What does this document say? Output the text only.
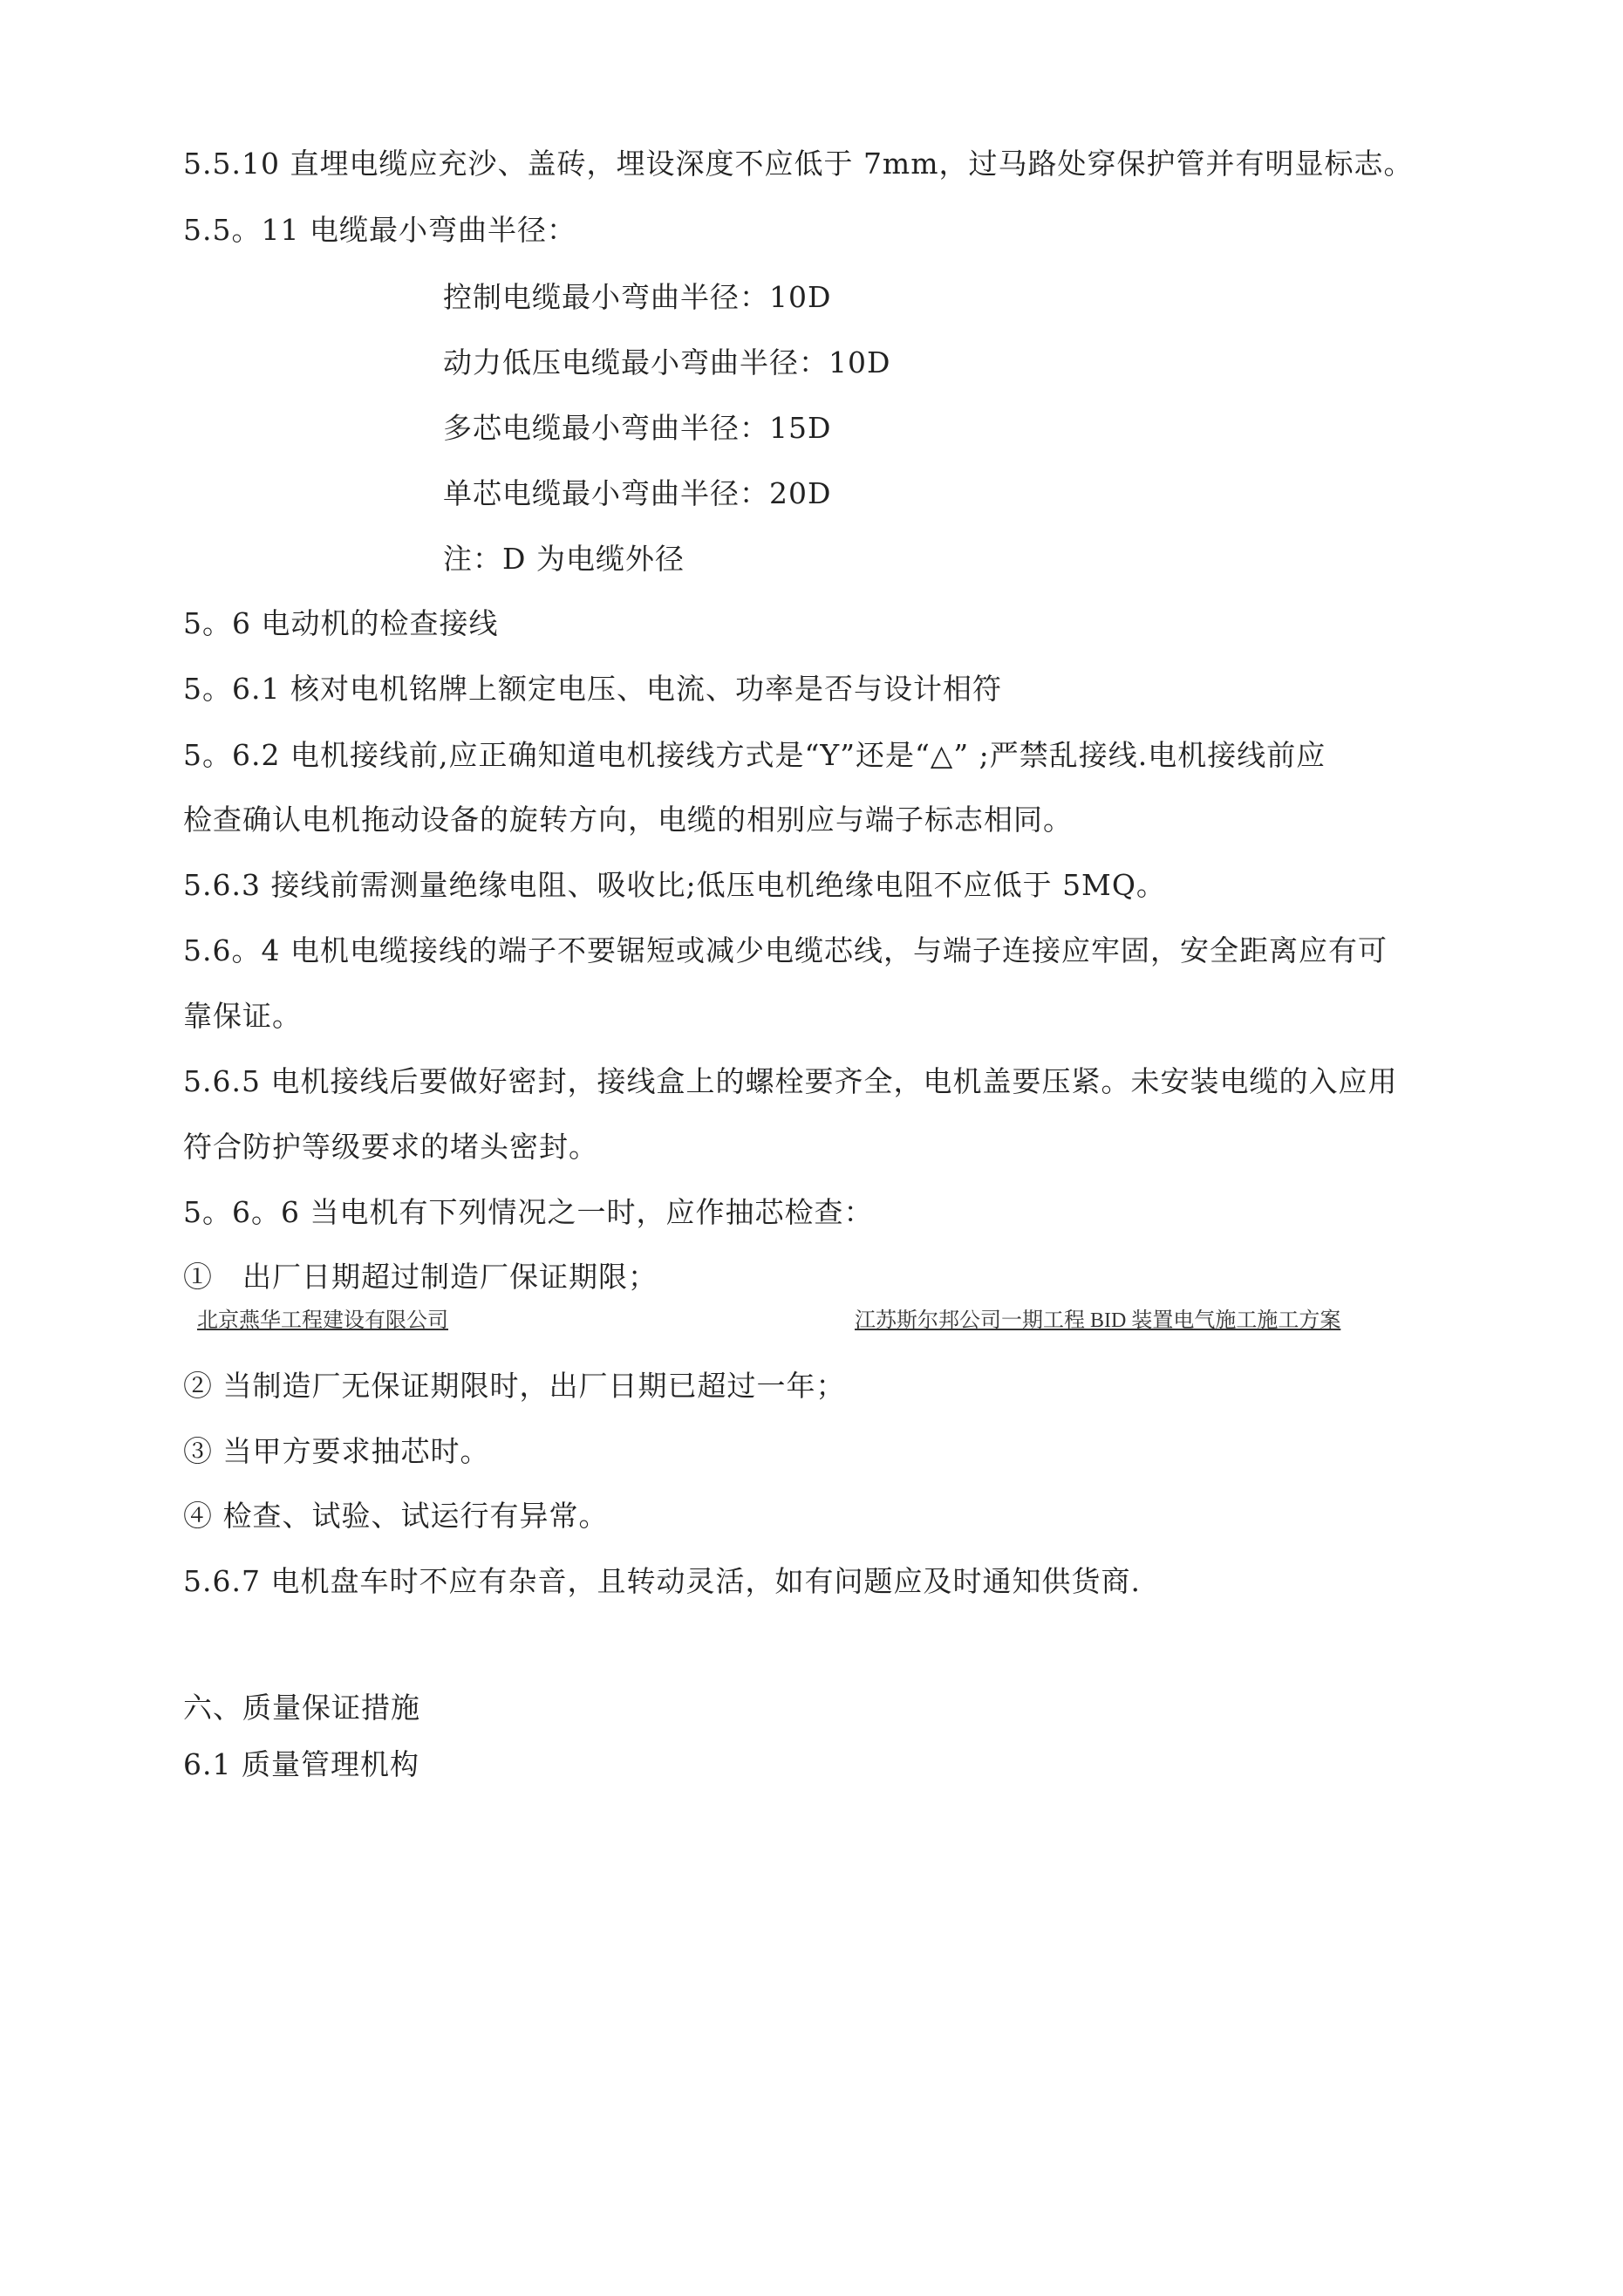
5.5.10 直埋电缆应充沙、盖砖，埋设深度不应低于 7mm，过马路处穿保护管并有明显标志。
5.5。11 电缆最小弯曲半径：
控制电缆最小弯曲半径：10D
动力低压电缆最小弯曲半径：10D
多芯电缆最小弯曲半径：15D
单芯电缆最小弯曲半径：20D
注：D 为电缆外径
5。6 电动机的检查接线
5。6.1 核对电机铭牌上额定电压、电流、功率是否与设计相符
5。6.2 电机接线前,应正确知道电机接线方式是“Y”还是“△” ;严禁乱接线.电机接线前应
检查确认电机拖动设备的旋转方向，电缆的相别应与端子标志相同。
5.6.3 接线前需测量绝缘电阻、吸收比;低压电机绝缘电阻不应低于 5MQ。
5.6。4 电机电缆接线的端子不要锯短或减少电缆芯线，与端子连接应牢固，安全距离应有可
靠保证。
5.6.5 电机接线后要做好密封，接线盒上的螺栓要齐全，电机盖要压紧。未安装电缆的入应用
符合防护等级要求的堵头密封。
5。6。6 当电机有下列情况之一时，应作抽芯检查：
①　出厂日期超过制造厂保证期限；
北京燕华工程建设有限公司	江苏斯尔邦公司一期工程 BID 装置电气施工施工方案
② 当制造厂无保证期限时，出厂日期已超过一年；
③ 当甲方要求抽芯时。
④ 检查、试验、试运行有异常。
5.6.7 电机盘车时不应有杂音，且转动灵活，如有问题应及时通知供货商.
六、质量保证措施
6.1 质量管理机构
